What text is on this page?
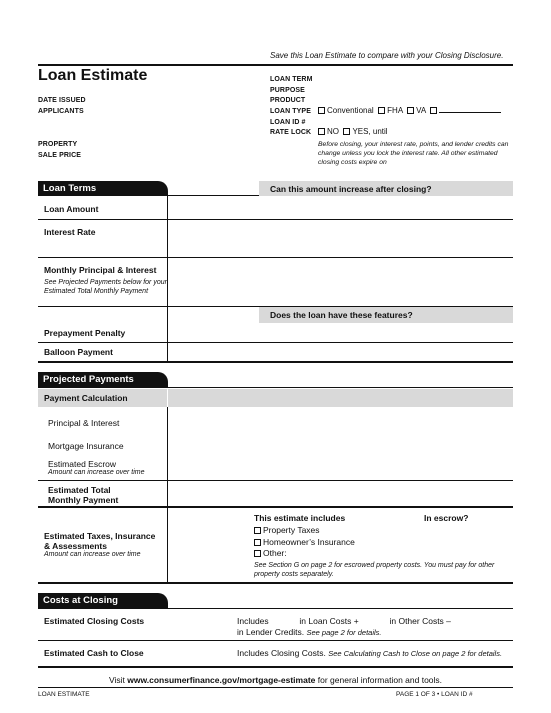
Save this Loan Estimate to compare with your Closing Disclosure.
Loan Estimate
DATE ISSUED
APPLICANTS
PROPERTY
SALE PRICE
LOAN TERM
PURPOSE
PRODUCT
LOAN TYPE	Conventional FHA VA
LOAN ID #
RATE LOCK	NO YES, until
Before closing, your interest rate, points, and lender credits can change unless you lock the interest rate. All other estimated closing costs expire on
Loan Terms	Can this amount increase after closing?
Loan Amount
Interest Rate
Monthly Principal & Interest
See Projected Payments below for your Estimated Total Monthly Payment
Does the loan have these features?
Prepayment Penalty
Balloon Payment
Projected Payments
Payment Calculation
Principal & Interest
Mortgage Insurance
Estimated Escrow
Amount can increase over time
Estimated Total
Monthly Payment
Estimated Taxes, Insurance
& Assessments
Amount can increase over time
This estimate includes	In escrow?
Property Taxes
Homeowner’s Insurance
Other:
See Section G on page 2 for escrowed property costs. You must pay for other property costs separately.
Costs at Closing
Estimated Closing Costs	Includes	in Loan Costs +	in Other Costs –
in Lender Credits. See page 2 for details.
Estimated Cash to Close	Includes Closing Costs. See Calculating Cash to Close on page 2 for details.
Visit www.consumerfinance.gov/mortgage-estimate for general information and tools.
LOAN ESTIMATE	PAGE 1 OF 3 • LOAN ID #
